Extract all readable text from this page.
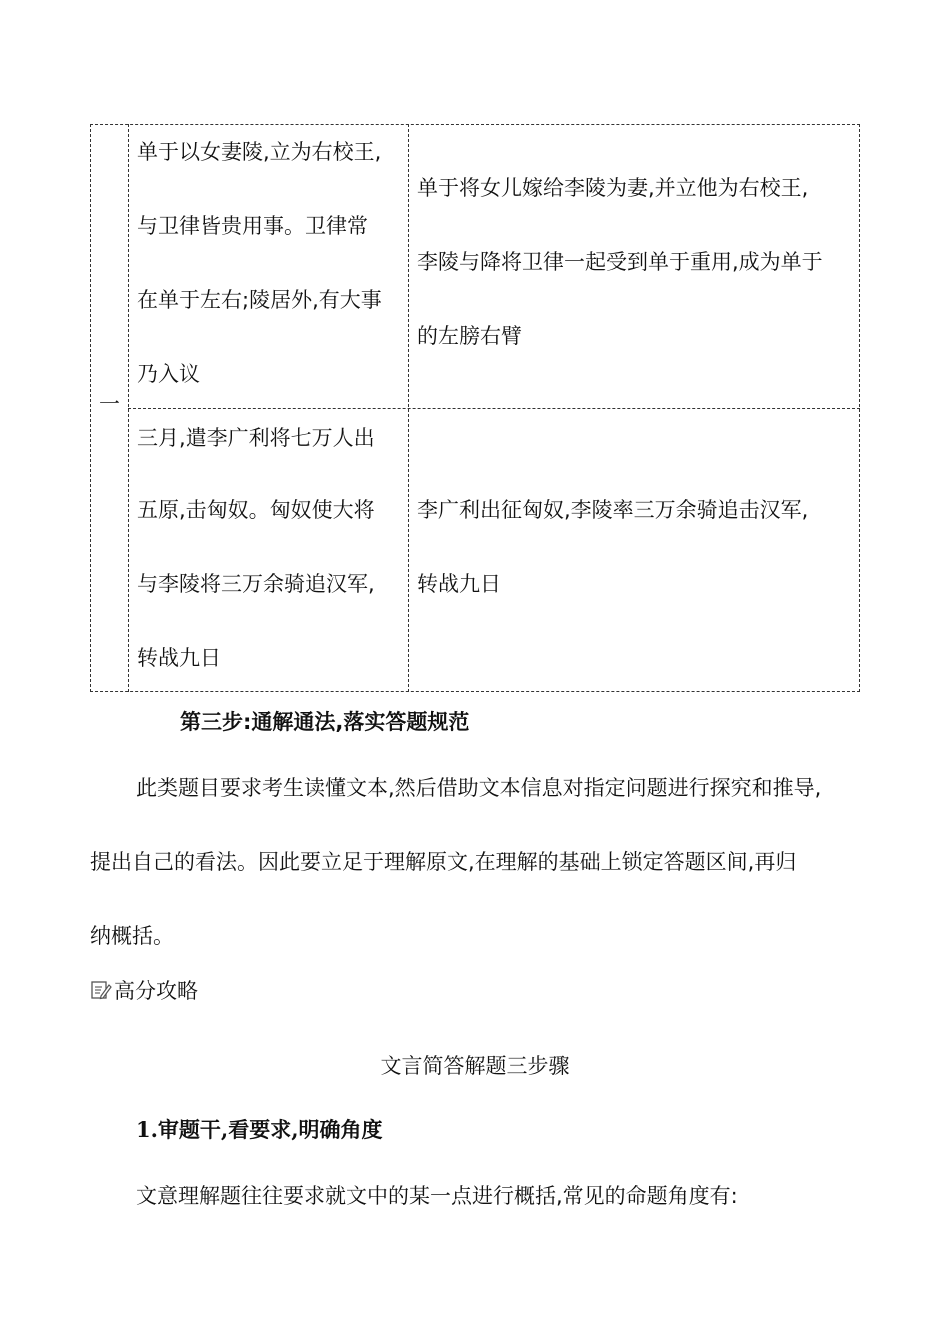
一
单于以女妻陵,立为右校王,
与卫律皆贵用事。卫律常
在单于左右;陵居外,有大事
乃入议
单于将女儿嫁给李陵为妻,并立他为右校王,
李陵与降将卫律一起受到单于重用,成为单于
的左膀右臂
三月,遣李广利将七万人出
五原,击匈奴。匈奴使大将
与李陵将三万余骑追汉军,
转战九日
李广利出征匈奴,李陵率三万余骑追击汉军,
转战九日
第三步:通解通法,落实答题规范
此类题目要求考生读懂文本,然后借助文本信息对指定问题进行探究和推导,
提出自己的看法。因此要立足于理解原文,在理解的基础上锁定答题区间,再归
纳概括。
高分攻略
文言简答解题三步骤
1.审题干,看要求,明确角度
文意理解题往往要求就文中的某一点进行概括,常见的命题角度有:
